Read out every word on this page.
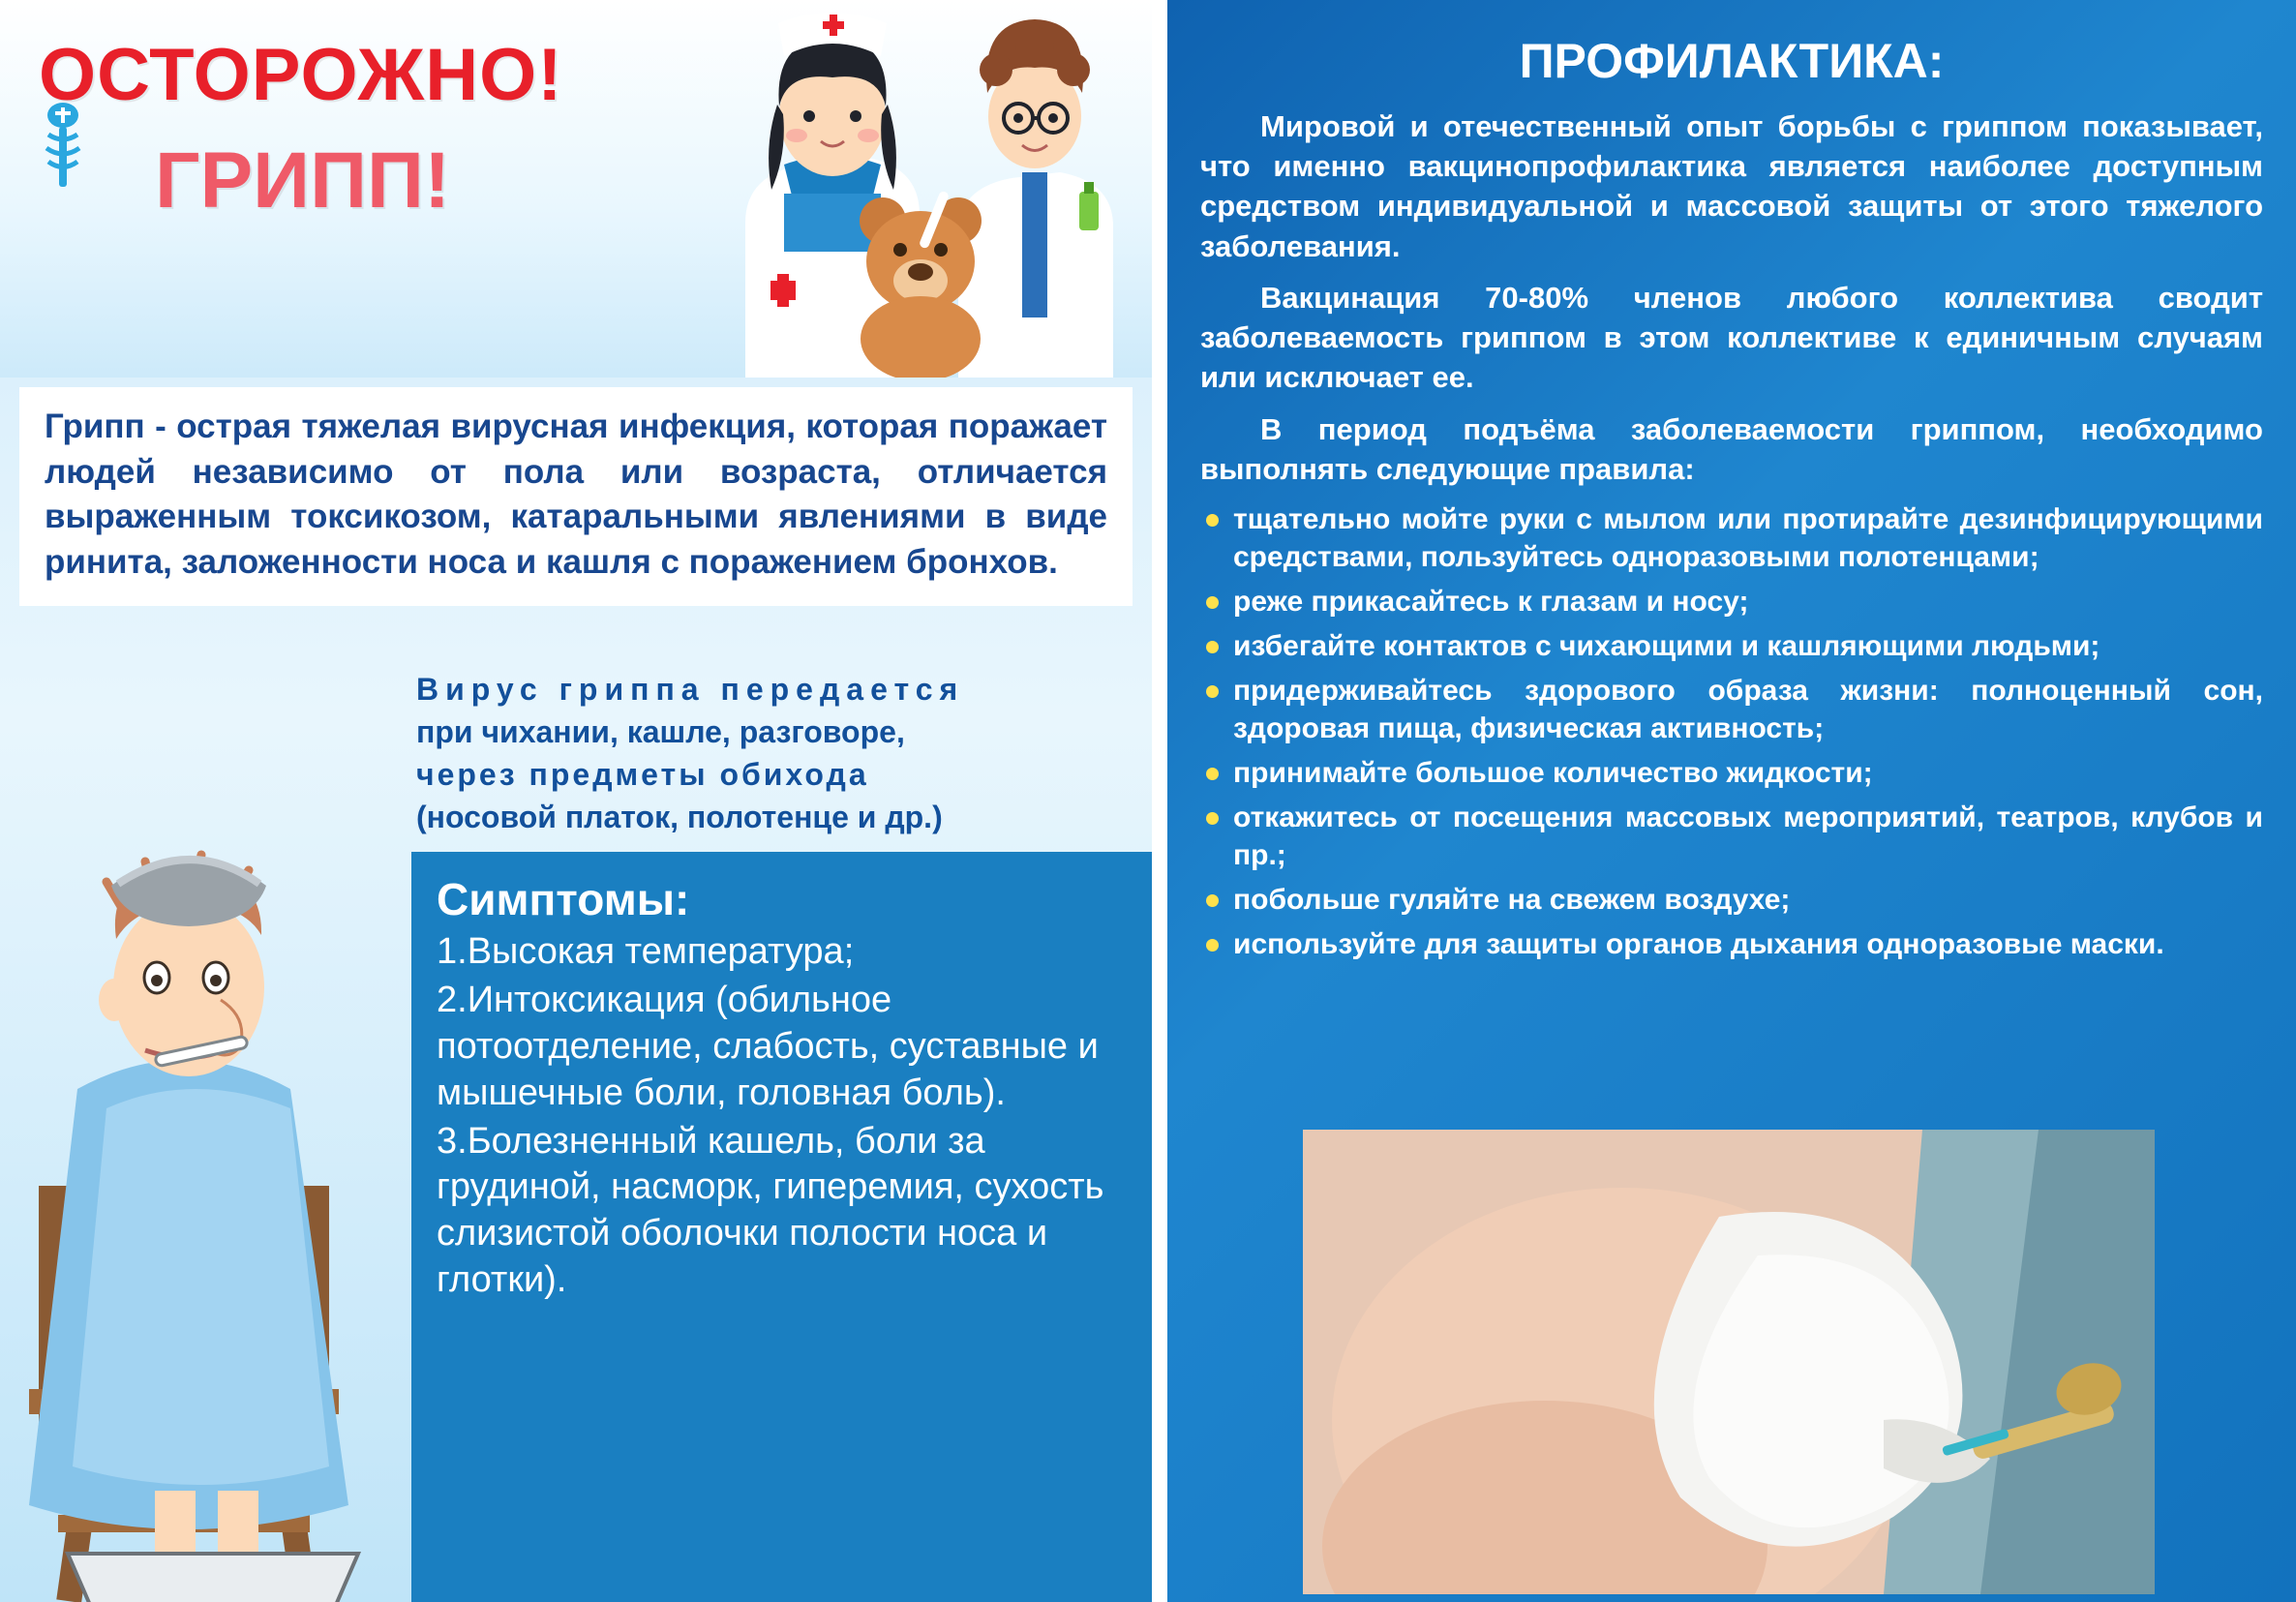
ОСТОРОЖНО!
ГРИПП!

Грипп - острая тяжелая вирусная инфекция, которая поражает людей независимо от пола или возраста, отличается выраженным токсикозом, катаральными явлениями в виде ринита, заложенности носа и кашля с поражением бронхов.

Вирус гриппа передается
при чихании, кашле, разговоре,
через предметы обихода
(носовой платок, полотенце и др.)

Симптомы:
1.Высокая температура;
2.Интоксикация (обильное потоотделение, слабость, суставные и мышечные боли, головная боль).
3.Болезненный кашель, боли за грудиной, насморк, гиперемия, сухость слизистой оболочки полости носа и глотки).
ПРОФИЛАКТИКА:

Мировой и отечественный опыт борьбы с гриппом показывает, что именно вакцинопрофилактика является наиболее доступным средством индивидуальной и массовой защиты от этого тяжелого заболевания.

Вакцинация 70-80% членов любого коллектива сводит заболеваемость гриппом в этом коллективе к единичным случаям или исключает ее.

В период подъёма заболеваемости гриппом, необходимо выполнять следующие правила:

тщательно мойте руки с мылом или протирайте дезинфицирующими средствами, пользуйтесь одноразовыми полотенцами;
реже прикасайтесь к глазам и носу;
избегайте контактов с чихающими и кашляющими людьми;
придерживайтесь здорового образа жизни: полноценный сон, здоровая пища, физическая активность;
принимайте большое количество жидкости;
откажитесь от посещения массовых мероприятий, театров, клубов и пр.;
побольше гуляйте на свежем воздухе;
используйте для защиты органов дыхания одноразовые маски.
